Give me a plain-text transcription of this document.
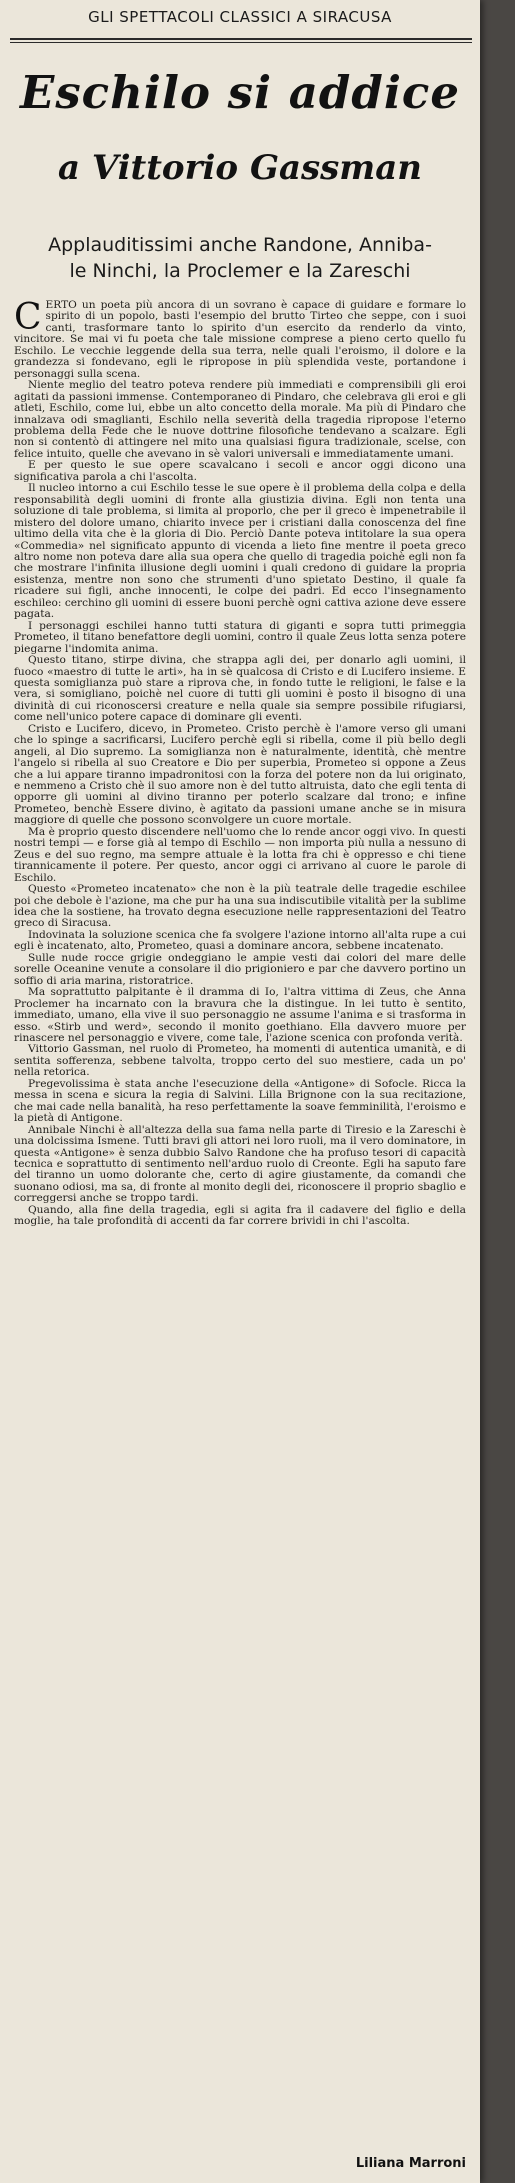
GLI SPETTACOLI CLASSICI A SIRACUSA
Eschilo si addice
a Vittorio Gassman
Applauditissimi anche Randone, Anniba-
le Ninchi, la Proclemer e la Zareschi

CERTO un poeta più ancora di un sovrano è capace di guidare e formare lo spirito di un popolo, basti l'esempio del brutto Tirteo che seppe, con i suoi canti, trasformare tanto lo spirito d'un esercito da renderlo da vinto, vincitore. Se mai vi fu poeta che tale missione comprese a pieno certo quello fu Eschilo. Le vecchie leggende della sua terra, nelle quali l'eroismo, il dolore e la grandezza si fondevano, egli le ripropose in più splendida veste, portandone i personaggi sulla scena.

Niente meglio del teatro poteva rendere più immediati e comprensibili gli eroi agitati da passioni immense. Contemporaneo di Pindaro, che celebrava gli eroi e gli atleti, Eschilo, come lui, ebbe un alto concetto della morale. Ma più di Pindaro che innalzava odi smaglianti, Eschilo nella severità della tragedia ripropose l'eterno problema della Fede che le nuove dottrine filosofiche tendevano a scalzare. Egli non si contentò di attingere nel mito una qualsiasi figura tradizionale, scelse, con felice intuito, quelle che avevano in sè valori universali e immediatamente umani.

E per questo le sue opere scavalcano i secoli e ancor oggi dicono una significativa parola a chi l'ascolta.

Il nucleo intorno a cui Eschilo tesse le sue opere è il problema della colpa e della responsabilità degli uomini di fronte alla giustizia divina. Egli non tenta una soluzione di tale problema, si limita al proporlo, che per il greco è impenetrabile il mistero del dolore umano, chiarito invece per i cristiani dalla conoscenza del fine ultimo della vita che è la gloria di Dio. Perciò Dante poteva intitolare la sua opera «Commedia» nel significato appunto di vicenda a lieto fine mentre il poeta greco altro nome non poteva dare alla sua opera che quello di tragedia poichè egli non fa che mostrare l'infinita illusione degli uomini i quali credono di guidare la propria esistenza, mentre non sono che strumenti d'uno spietato Destino, il quale fa ricadere sui figli, anche innocenti, le colpe dei padri. Ed ecco l'insegnamento eschileo: cerchino gli uomini di essere buoni perchè ogni cattiva azione deve essere pagata.

I personaggi eschilei hanno tutti statura di giganti e sopra tutti primeggia Prometeo, il titano benefattore degli uomini, contro il quale Zeus lotta senza potere piegarne l'indomita anima.

Questo titano, stirpe divina, che strappa agli dei, per donarlo agli uomini, il fuoco «maestro di tutte le arti», ha in sè qualcosa di Cristo e di Lucifero insieme. E questa somiglianza può stare a riprova che, in fondo tutte le religioni, le false e la vera, si somigliano, poichè nel cuore di tutti gli uomini è posto il bisogno di una divinità di cui riconoscersi creature e nella quale sia sempre possibile rifugiarsi, come nell'unico potere capace di dominare gli eventi.

Cristo e Lucifero, dicevo, in Prometeo. Cristo perchè è l'amore verso gli umani che lo spinge a sacrificarsi, Lucifero perchè egli si ribella, come il più bello degli angeli, al Dio supremo. La somiglianza non è naturalmente, identità, chè mentre l'angelo si ribella al suo Creatore e Dio per superbia, Prometeo si oppone a Zeus che a lui appare tiranno impadronitosi con la forza del potere non da lui originato, e nemmeno a Cristo chè il suo amore non è del tutto altruista, dato che egli tenta di opporre gli uomini al divino tiranno per poterlo scalzare dal trono; e infine Prometeo, benchè Essere divino, è agitato da passioni umane anche se in misura maggiore di quelle che possono sconvolgere un cuore mortale.

Ma è proprio questo discendere nell'uomo che lo rende ancor oggi vivo. In questi nostri tempi — e forse già al tempo di Eschilo — non importa più nulla a nessuno di Zeus e del suo regno, ma sempre attuale è la lotta fra chi è oppresso e chi tiene tirannicamente il potere. Per questo, ancor oggi ci arrivano al cuore le parole di Eschilo.

Questo «Prometeo incatenato» che non è la più teatrale delle tragedie eschilee poi che debole è l'azione, ma che pur ha una sua indiscutibile vitalità per la sublime idea che la sostiene, ha trovato degna esecuzione nelle rappresentazioni del Teatro greco di Siracusa.

Indovinata la soluzione scenica che fa svolgere l'azione intorno all'alta rupe a cui egli è incatenato, alto, Prometeo, quasi a dominare ancora, sebbene incatenato.

Sulle nude rocce grigie ondeggiano le ampie vesti dai colori del mare delle sorelle Oceanine venute a consolare il dio prigioniero e par che davvero portino un soffio di aria marina, ristoratrice.

Ma soprattutto palpitante è il dramma di Io, l'altra vittima di Zeus, che Anna Proclemer ha incarnato con la bravura che la distingue. In lei tutto è sentito, immediato, umano, ella vive il suo personaggio ne assume l'anima e si trasforma in esso. «Stirb und werd», secondo il monito goethiano. Ella davvero muore per rinascere nel personaggio e vivere, come tale, l'azione scenica con profonda verità.

Vittorio Gassman, nel ruolo di Prometeo, ha momenti di autentica umanità, e di sentita sofferenza, sebbene talvolta, troppo certo del suo mestiere, cada un po' nella retorica.

Pregevolissima è stata anche l'esecuzione della «Antigone» di Sofocle. Ricca la messa in scena e sicura la regia di Salvini. Lilla Brignone con la sua recitazione, che mai cade nella banalità, ha reso perfettamente la soave femminilità, l'eroismo e la pietà di Antigone.

Annibale Ninchi è all'altezza della sua fama nella parte di Tiresio e la Zareschi è una dolcissima Ismene. Tutti bravi gli attori nei loro ruoli, ma il vero dominatore, in questa «Antigone» è senza dubbio Salvo Randone che ha profuso tesori di capacità tecnica e soprattutto di sentimento nell'arduo ruolo di Creonte. Egli ha saputo fare del tiranno un uomo dolorante che, certo di agire giustamente, da comandi che suonano odiosi, ma sa, di fronte al monito degli dei, riconoscere il proprio sbaglio e correggersi anche se troppo tardi.

Quando, alla fine della tragedia, egli si agita fra il cadavere del figlio e della moglie, ha tale profondità di accenti da far correre brividi in chi l'ascolta.

Liliana Marroni
